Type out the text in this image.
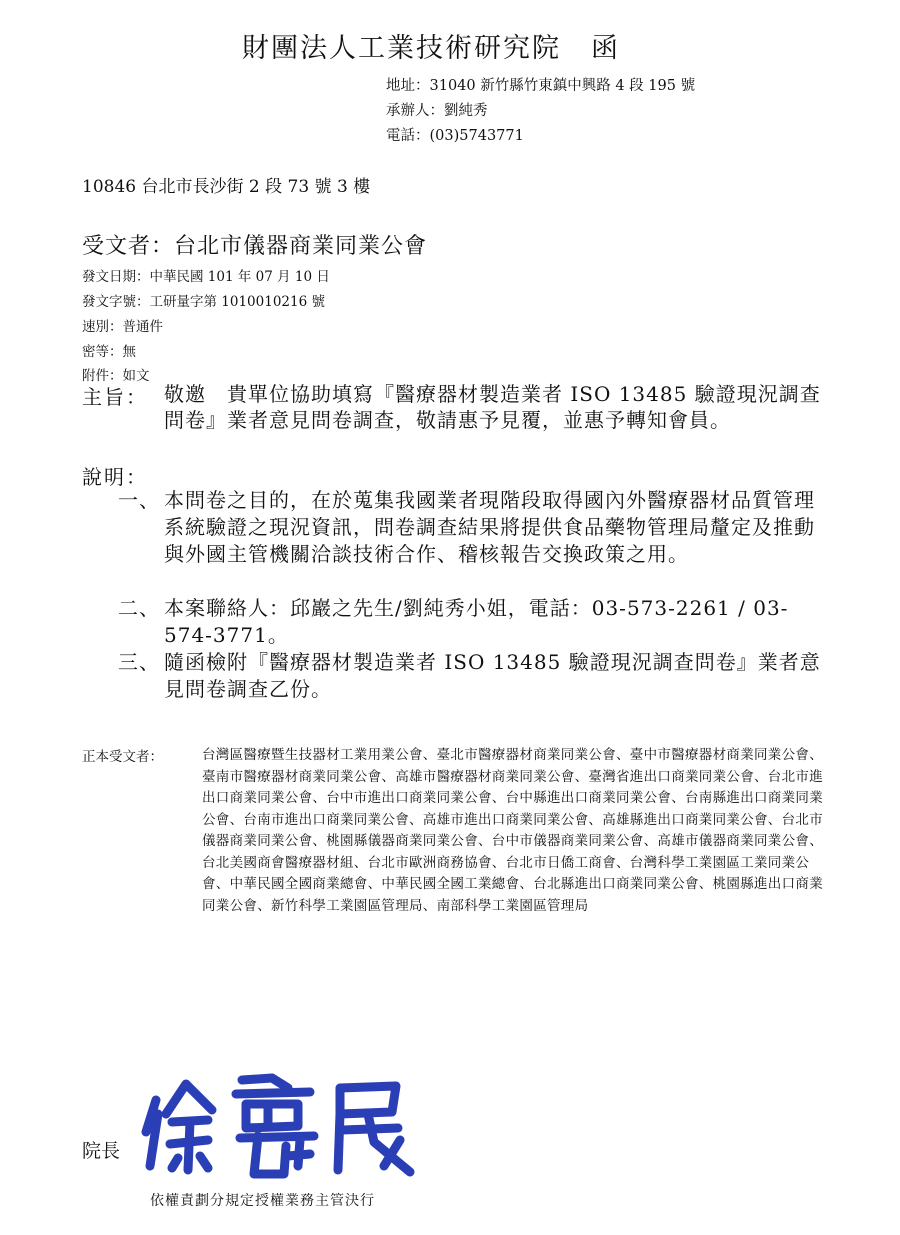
財團法人工業技術研究院 函
地址：31040 新竹縣竹東鎮中興路 4 段 195 號
承辦人：劉純秀
電話：(03)5743771
10846 台北市長沙街 2 段 73 號 3 樓
受文者：台北市儀器商業同業公會
發文日期：中華民國 101 年 07 月 10 日
發文字號：工研量字第 1010010216 號
速別：普通件
密等：無
附件：如文
主旨： 敬邀　貴單位協助填寫『醫療器材製造業者 ISO 13485 驗證現況調查問卷』業者意見問卷調查，敬請惠予見覆，並惠予轉知會員。
說明：
一、 本問卷之目的，在於蒐集我國業者現階段取得國內外醫療器材品質管理系統驗證之現況資訊，問卷調查結果將提供食品藥物管理局釐定及推動與外國主管機關洽談技術合作、稽核報告交換政策之用。
二、 本案聯絡人：邱巖之先生/劉純秀小姐，電話：03-573-2261 / 03-574-3771。
三、 隨函檢附『醫療器材製造業者 ISO 13485 驗證現況調查問卷』業者意見問卷調查乙份。
正本受文者：	台灣區醫療暨生技器材工業用業公會、臺北市醫療器材商業同業公會、臺中市醫療器材商業同業公會、臺南市醫療器材商業同業公會、高雄市醫療器材商業同業公會、臺灣省進出口商業同業公會、台北市進出口商業同業公會、台中市進出口商業同業公會、台中縣進出口商業同業公會、台南縣進出口商業同業公會、台南市進出口商業同業公會、高雄市進出口商業同業公會、高雄縣進出口商業同業公會、台北市儀器商業同業公會、桃園縣儀器商業同業公會、台中市儀器商業同業公會、高雄市儀器商業同業公會、台北美國商會醫療器材組、台北市歐洲商務協會、台北市日僑工商會、台灣科學工業園區工業同業公會、中華民國全國商業總會、中華民國全國工業總會、台北縣進出口商業同業公會、桃園縣進出口商業同業公會、新竹科學工業園區管理局、南部科學工業園區管理局
院長
依權責劃分規定授權業務主管決行
